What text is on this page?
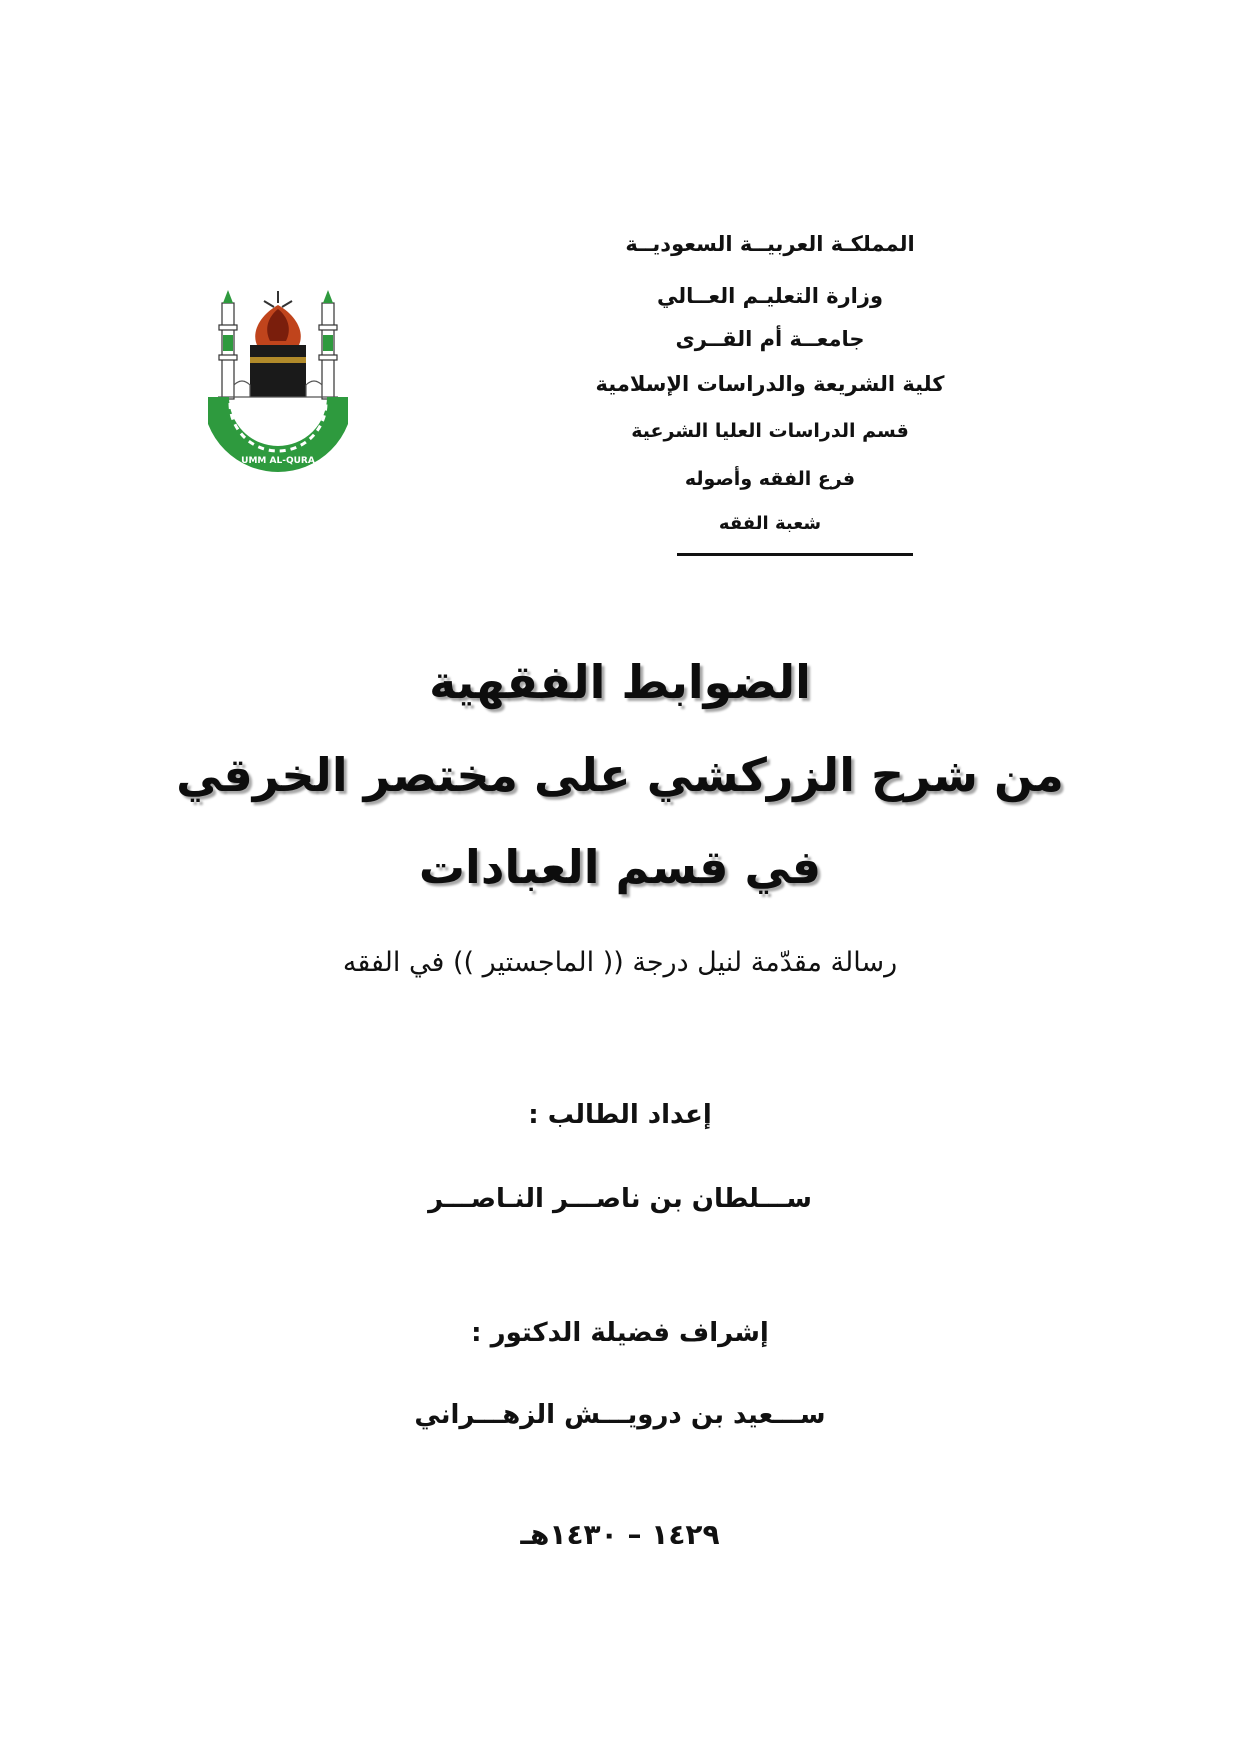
المملكـة العربيــة السعوديــة
وزارة التعليـم العــالي
جامعــة أم القــرى
كلية الشريعة والدراسات الإسلامية
قسم الدراسات العليا الشرعية
فرع الفقه وأصوله
شعبة الفقه
UMM AL-QURA
الضوابط الفقهية
من شرح الزركشي على مختصر الخرقي
في قسم العبادات
رسالة مقدّمة لنيل درجة (( الماجستير )) في الفقه
إعداد الطالب :
ســـلطان بن ناصـــر النـاصـــر
إشراف فضيلة الدكتور :
ســـعيد بن درويـــش الزهـــراني
١٤٢٩ – ١٤٣٠هـ
